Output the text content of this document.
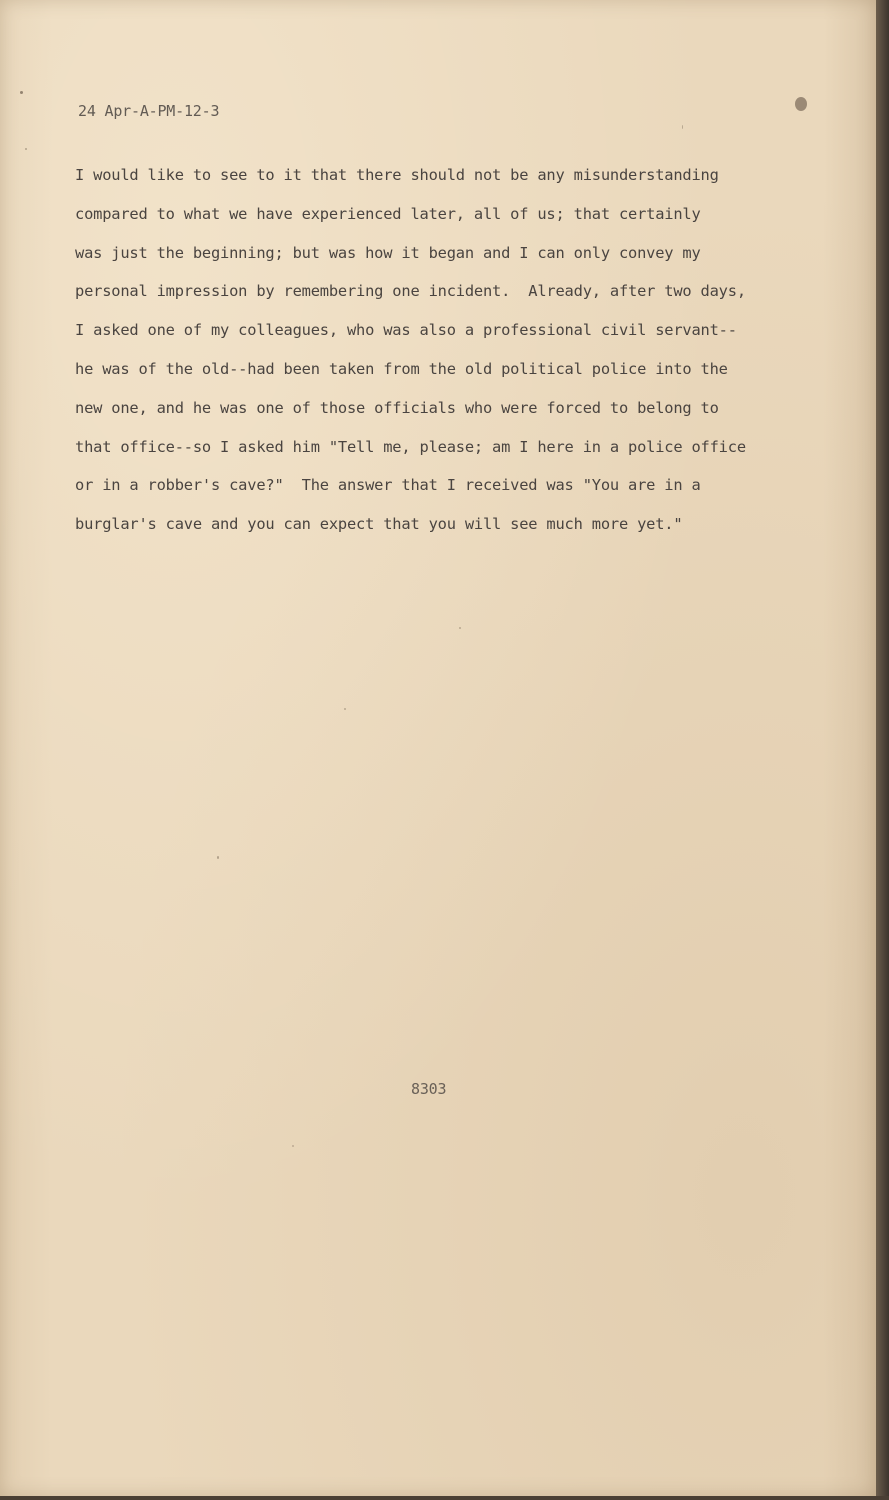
24 Apr-A-PM-12-3
I would like to see to it that there should not be any misunderstanding
compared to what we have experienced later, all of us; that certainly
was just the beginning; but was how it began and I can only convey my
personal impression by remembering one incident.  Already, after two days,
I asked one of my colleagues, who was also a professional civil servant--
he was of the old--had been taken from the old political police into the
new one, and he was one of those officials who were forced to belong to
that office--so I asked him "Tell me, please; am I here in a police office
or in a robber's cave?"  The answer that I received was "You are in a
burglar's cave and you can expect that you will see much more yet."
8303
